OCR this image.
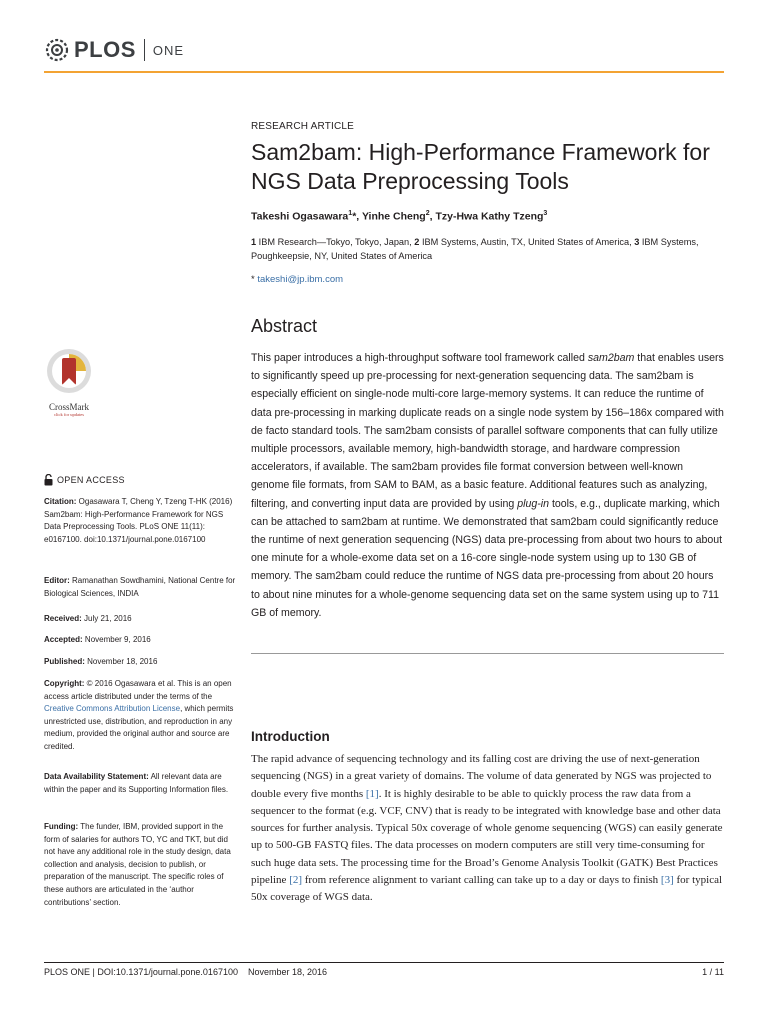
PLOS ONE
RESEARCH ARTICLE
Sam2bam: High-Performance Framework for NGS Data Preprocessing Tools
Takeshi Ogasawara$^1$*, Yinhe Cheng$^2$, Tzy-Hwa Kathy Tzeng$^3$
1 IBM Research—Tokyo, Tokyo, Japan, 2 IBM Systems, Austin, TX, United States of America, 3 IBM Systems, Poughkeepsie, NY, United States of America
* takeshi@jp.ibm.com
Abstract

This paper introduces a high-throughput software tool framework called sam2bam that enables users to significantly speed up pre-processing for next-generation sequencing data. The sam2bam is especially efficient on single-node multi-core large-memory systems. It can reduce the runtime of data pre-processing in marking duplicate reads on a single node system by 156–186x compared with de facto standard tools. The sam2bam consists of parallel software components that can fully utilize multiple processors, available memory, high-bandwidth storage, and hardware compression accelerators, if available. The sam2bam provides file format conversion between well-known genome file formats, from SAM to BAM, as a basic feature. Additional features such as analyzing, filtering, and converting input data are provided by using plug-in tools, e.g., duplicate marking, which can be attached to sam2bam at runtime. We demonstrated that sam2bam could significantly reduce the runtime of next generation sequencing (NGS) data pre-processing from about two hours to about one minute for a whole-exome data set on a 16-core single-node system using up to 130 GB of memory. The sam2bam could reduce the runtime of NGS data pre-processing from about 20 hours to about nine minutes for a whole-genome sequencing data set on the same system using up to 711 GB of memory.

CrossMark
click for updates
OPEN ACCESS
Citation: Ogasawara T, Cheng Y, Tzeng T-HK (2016) Sam2bam: High-Performance Framework for NGS Data Preprocessing Tools. PLoS ONE 11(11): e0167100. doi:10.1371/journal.pone.0167100
Editor: Ramanathan Sowdhamini, National Centre for Biological Sciences, INDIA
Received: July 21, 2016
Accepted: November 9, 2016
Published: November 18, 2016
Copyright: © 2016 Ogasawara et al. This is an open access article distributed under the terms of the Creative Commons Attribution License, which permits unrestricted use, distribution, and reproduction in any medium, provided the original author and source are credited.
Data Availability Statement: All relevant data are within the paper and its Supporting Information files.
Funding: The funder, IBM, provided support in the form of salaries for authors TO, YC and TKT, but did not have any additional role in the study design, data collection and analysis, decision to publish, or preparation of the manuscript. The specific roles of these authors are articulated in the ‘author contributions’ section.
Introduction

The rapid advance of sequencing technology and its falling cost are driving the use of next-generation sequencing (NGS) in a great variety of domains. The volume of data generated by NGS was projected to double every five months [1]. It is highly desirable to be able to quickly process the raw data from a sequencer to the format (e.g. VCF, CNV) that is ready to be integrated with knowledge base and other data sources for further analysis. Typical 50x coverage of whole genome sequencing (WGS) can easily generate up to 500-GB FASTQ files. The data processes on modern computers are still very time-consuming for such huge data sets. The processing time for the Broad’s Genome Analysis Toolkit (GATK) Best Practices pipeline [2] from reference alignment to variant calling can take up to a day or days to finish [3] for typical 50x coverage of WGS data.

PLOS ONE | DOI:10.1371/journal.pone.0167100    November 18, 2016	1 / 11
